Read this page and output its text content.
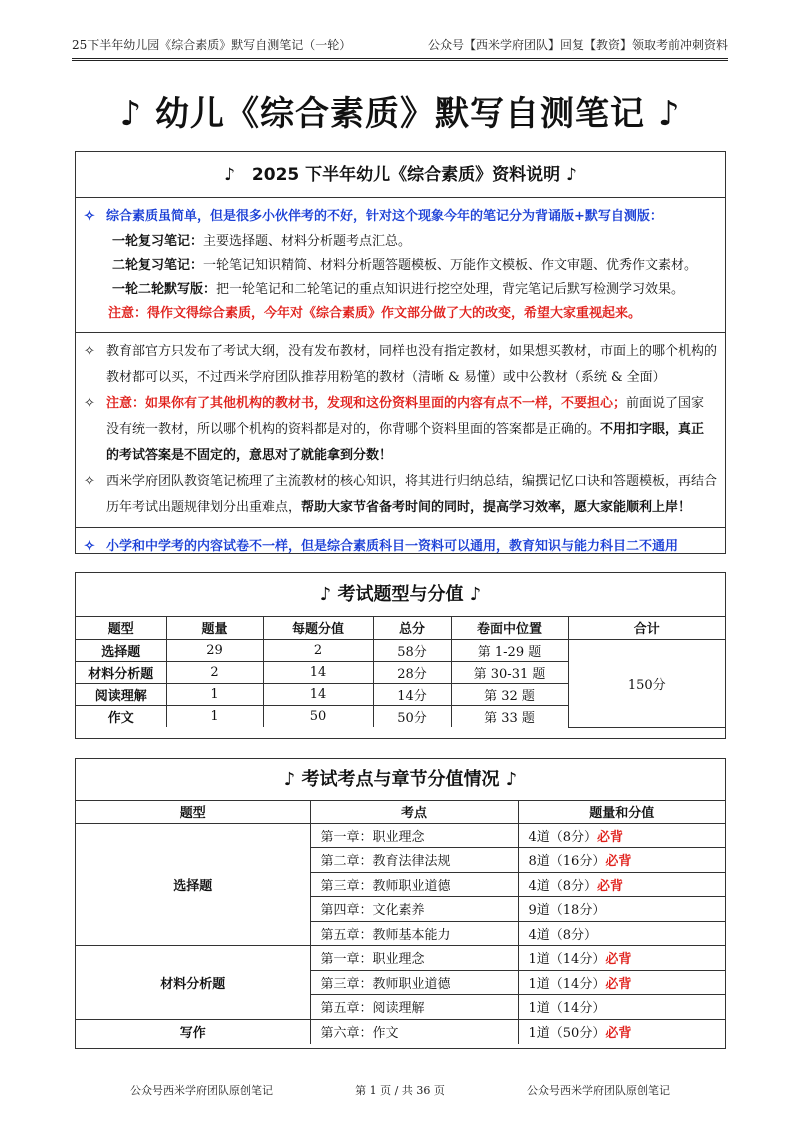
25下半年幼儿园《综合素质》默写自测笔记（一轮）	公众号【西米学府团队】回复【教资】领取考前冲刺资料
♪ 幼儿《综合素质》默写自测笔记 ♪
♪　2025 下半年幼儿《综合素质》资料说明 ♪
✧ 综合素质虽简单，但是很多小伙伴考的不好，针对这个现象今年的笔记分为背诵版+默写自测版：
一轮复习笔记：主要选择题、材料分析题考点汇总。
二轮复习笔记：一轮笔记知识精简、材料分析题答题模板、万能作文模板、作文审题、优秀作文素材。
一轮二轮默写版：把一轮笔记和二轮笔记的重点知识进行挖空处理，背完笔记后默写检测学习效果。
注意：得作文得综合素质，今年对《综合素质》作文部分做了大的改变，希望大家重视起来。
✧ 教育部官方只发布了考试大纲，没有发布教材，同样也没有指定教材，如果想买教材，市面上的哪个机构的教材都可以买，不过西米学府团队推荐用粉笔的教材（清晰 & 易懂）或中公教材（系统 & 全面）
✧ 注意：如果你有了其他机构的教材书，发现和这份资料里面的内容有点不一样，不要担心；前面说了国家没有统一教材，所以哪个机构的资料都是对的，你背哪个资料里面的答案都是正确的。不用扣字眼，真正的考试答案是不固定的，意思对了就能拿到分数！
✧ 西米学府团队教资笔记梳理了主流教材的核心知识，将其进行归纳总结，编撰记忆口诀和答题模板，再结合历年考试出题规律划分出重难点，帮助大家节省备考时间的同时，提高学习效率，愿大家能顺利上岸！
✧ 小学和中学考的内容试卷不一样，但是综合素质科目一资料可以通用，教育知识与能力科目二不通用
♪ 考试题型与分值 ♪
题型	题量	每题分值	总分	卷面中位置	合计
选择题	29	2	58分	第 1-29 题	150分
材料分析题	2	14	28分	第 30-31 题	
阅读理解	1	14	14分	第 32 题	
作文	1	50	50分	第 33 题	
♪ 考试考点与章节分值情况 ♪
题型	考点	题量和分值
选择题	第一章：职业理念	4道（8分）必背
	第二章：教育法律法规	8道（16分）必背
	第三章：教师职业道德	4道（8分）必背
	第四章：文化素养	9道（18分）
	第五章：教师基本能力	4道（8分）
材料分析题	第一章：职业理念	1道（14分）必背
	第三章：教师职业道德	1道（14分）必背
	第五章：阅读理解	1道（14分）
写作	第六章：作文	1道（50分）必背
公众号西米学府团队原创笔记	第 1 页 / 共 36 页	公众号西米学府团队原创笔记
